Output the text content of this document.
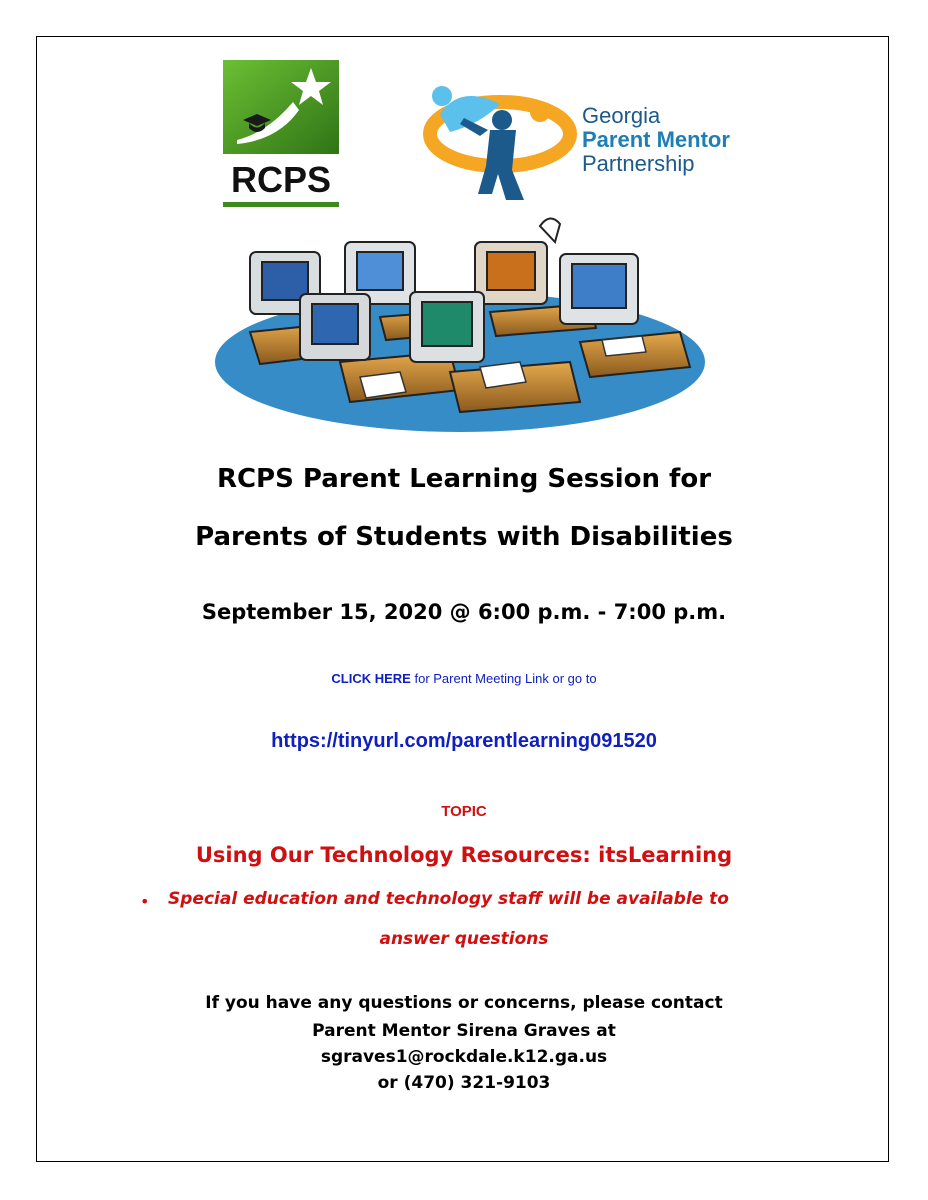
RCPS
Georgia
Parent Mentor
Partnership
RCPS Parent Learning Session for
Parents of Students with Disabilities
September 15, 2020 @ 6:00 p.m. - 7:00 p.m.
CLICK HERE for Parent Meeting Link or go to
https://tinyurl.com/parentlearning091520
TOPIC
Using Our Technology Resources: itsLearning
• Special education and technology staff will be available to
answer questions
If you have any questions or concerns, please contact
Parent Mentor Sirena Graves at
sgraves1@rockdale.k12.ga.us
or (470) 321-9103
